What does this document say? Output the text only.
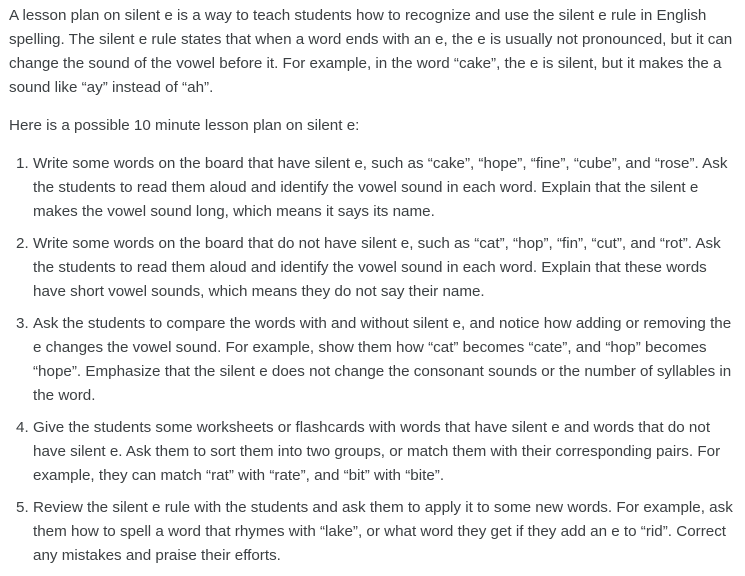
A lesson plan on silent e is a way to teach students how to recognize and use the silent e rule in English spelling. The silent e rule states that when a word ends with an e, the e is usually not pronounced, but it can change the sound of the vowel before it. For example, in the word “cake”, the e is silent, but it makes the a sound like “ay” instead of “ah”.

Here is a possible 10 minute lesson plan on silent e:

1. Write some words on the board that have silent e, such as “cake”, “hope”, “fine”, “cube”, and “rose”. Ask the students to read them aloud and identify the vowel sound in each word. Explain that the silent e makes the vowel sound long, which means it says its name.
2. Write some words on the board that do not have silent e, such as “cat”, “hop”, “fin”, “cut”, and “rot”. Ask the students to read them aloud and identify the vowel sound in each word. Explain that these words have short vowel sounds, which means they do not say their name.
3. Ask the students to compare the words with and without silent e, and notice how adding or removing the e changes the vowel sound. For example, show them how “cat” becomes “cate”, and “hop” becomes “hope”. Emphasize that the silent e does not change the consonant sounds or the number of syllables in the word.
4. Give the students some worksheets or flashcards with words that have silent e and words that do not have silent e. Ask them to sort them into two groups, or match them with their corresponding pairs. For example, they can match “rat” with “rate”, and “bit” with “bite”.
5. Review the silent e rule with the students and ask them to apply it to some new words. For example, ask them how to spell a word that rhymes with “lake”, or what word they get if they add an e to “rid”. Correct any mistakes and praise their efforts.
